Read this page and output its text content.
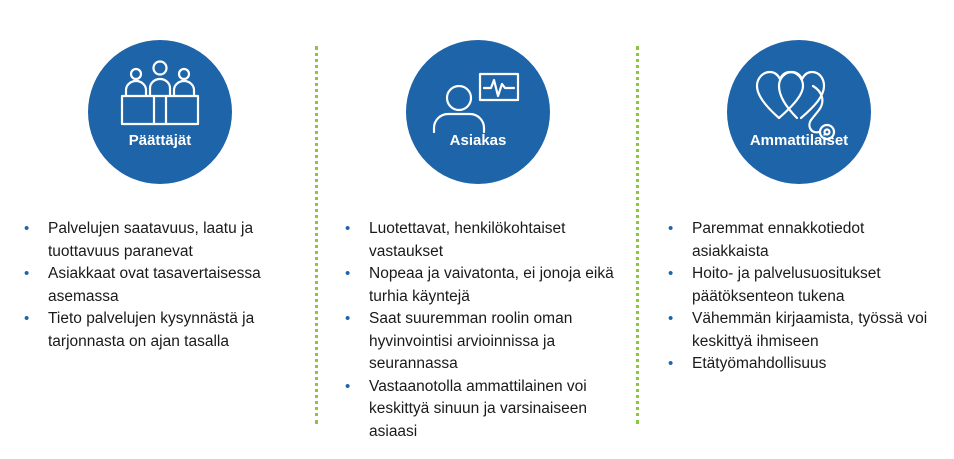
Päättäjät
• Palvelujen saatavuus, laatu ja tuottavuus paranevat
• Asiakkaat ovat tasavertaisessa asemassa
• Tieto palvelujen kysynnästä ja tarjonnasta on ajan tasalla
Asiakas
• Luotettavat, henkilökohtaiset vastaukset
• Nopeaa ja vaivatonta, ei jonoja eikä turhia käyntejä
• Saat suuremman roolin oman hyvinvointisi arvioinnissa ja seurannassa
• Vastaanotolla ammattilainen voi keskittyä sinuun ja varsinaiseen asiaasi
Ammattilaiset
• Paremmat ennakkotiedot asiakkaista
• Hoito- ja palvelusuositukset päätöksenteon tukena
• Vähemmän kirjaamista, työssä voi keskittyä ihmiseen
• Etätyömahdollisuus
